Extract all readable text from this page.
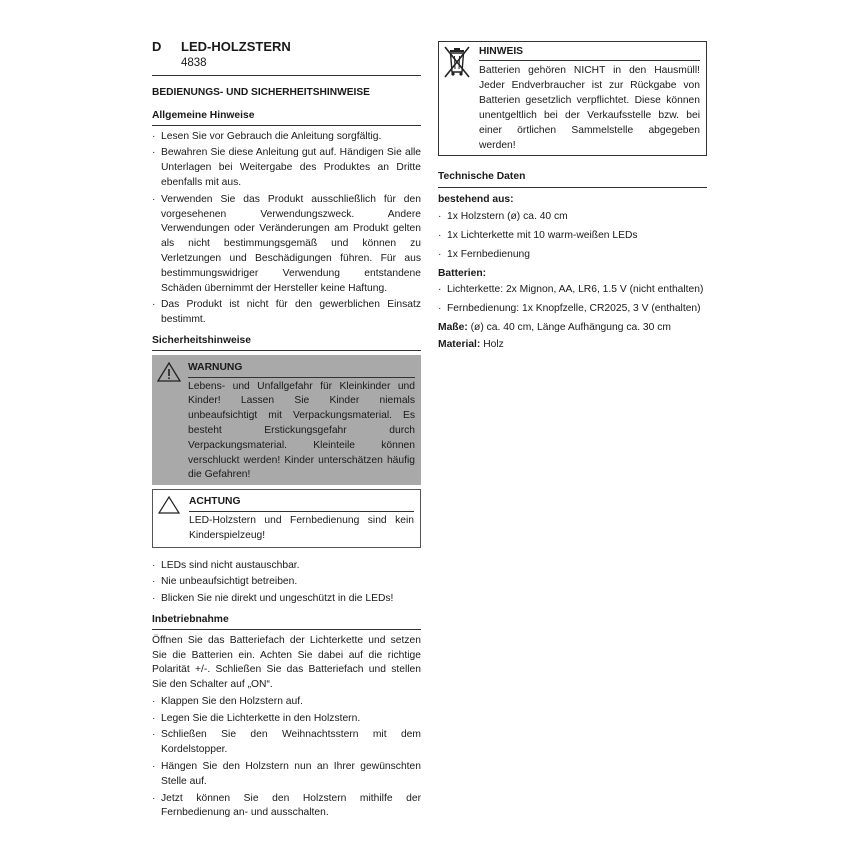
D	LED-HOLZSTERN
4838
BEDIENUNGS- UND SICHERHEITSHINWEISE
Allgemeine Hinweise
· Lesen Sie vor Gebrauch die Anleitung sorgfältig.
· Bewahren Sie diese Anleitung gut auf. Händigen Sie alle Unterlagen bei Weitergabe des Produktes an Dritte ebenfalls mit aus.
· Verwenden Sie das Produkt ausschließlich für den vorgesehenen Verwendungszweck. Andere Verwendungen oder Veränderungen am Produkt gelten als nicht bestimmungsgemäß und können zu Verletzungen und Beschädigungen führen. Für aus bestimmungswidriger Verwendung entstandene Schäden übernimmt der Hersteller keine Haftung.
· Das Produkt ist nicht für den gewerblichen Einsatz bestimmt.
Sicherheitshinweise
WARNUNG
Lebens- und Unfallgefahr für Kleinkinder und Kinder! Lassen Sie Kinder niemals unbeaufsichtigt mit Verpackungsmaterial. Es besteht Erstickungsgefahr durch Verpackungsmaterial. Kleinteile können verschluckt werden! Kinder unterschätzen häufig die Gefahren!
ACHTUNG
LED-Holzstern und Fernbedienung sind kein Kinderspielzeug!
· LEDs sind nicht austauschbar.
· Nie unbeaufsichtigt betreiben.
· Blicken Sie nie direkt und ungeschützt in die LEDs!
Inbetriebnahme
Öffnen Sie das Batteriefach der Lichterkette und setzen Sie die Batterien ein. Achten Sie dabei auf die richtige Polarität +/-. Schließen Sie das Batteriefach und stellen Sie den Schalter auf „ON“.
· Klappen Sie den Holzstern auf.
· Legen Sie die Lichterkette in den Holzstern.
· Schließen Sie den Weihnachtsstern mit dem Kordelstopper.
· Hängen Sie den Holzstern nun an Ihrer gewünschten Stelle auf.
· Jetzt können Sie den Holzstern mithilfe der Fernbedienung an- und ausschalten.
HINWEIS
Batterien gehören NICHT in den Hausmüll! Jeder Endverbraucher ist zur Rückgabe von Batterien gesetzlich verpflichtet. Diese können unentgeltlich bei der Verkaufsstelle bzw. bei einer örtlichen Sammelstelle abgegeben werden!
Technische Daten
bestehend aus:
· 1x Holzstern (ø) ca. 40 cm
· 1x Lichterkette mit 10 warm-weißen LEDs
· 1x Fernbedienung
Batterien:
· Lichterkette: 2x Mignon, AA, LR6, 1.5 V (nicht enthalten)
· Fernbedienung: 1x Knopfzelle, CR2025, 3 V (enthalten)
Maße: (ø) ca. 40 cm, Länge Aufhängung ca. 30 cm
Material: Holz
